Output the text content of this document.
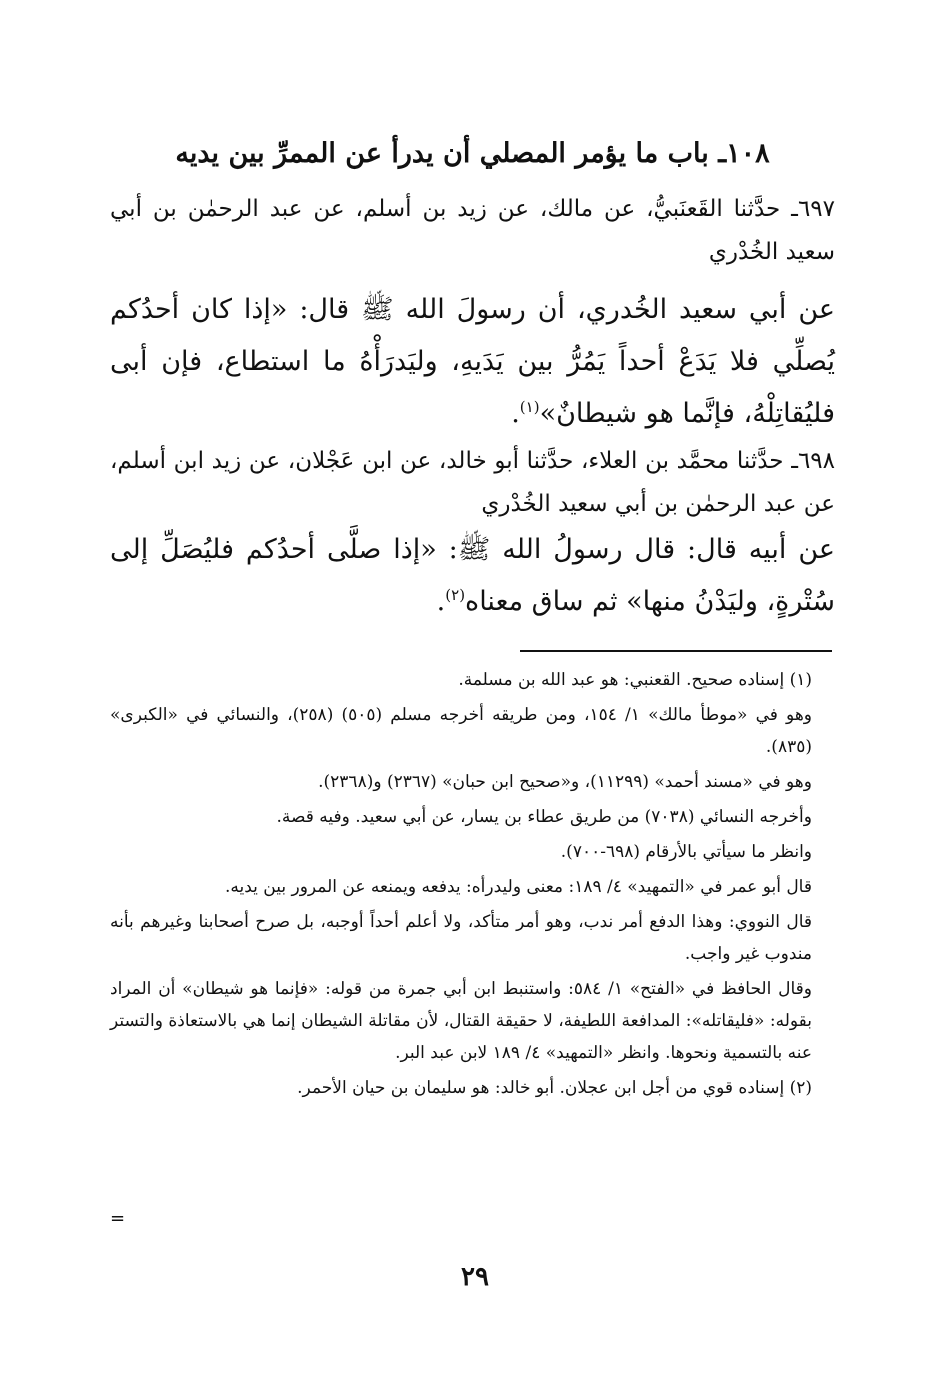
١٠٨ـ باب ما يؤمر المصلي أن يدرأ عن الممرِّ بين يديه
٦٩٧ـ حدَّثنا القَعنَبيُّ، عن مالك، عن زيد بن أسلم، عن عبد الرحمٰن بن أبي سعيد الخُدْري
عن أبي سعيد الخُدري، أن رسولَ الله ﷺ قال: «إذا كان أحدُكم يُصلِّي فلا يَدَعْ أحداً يَمُرُّ بين يَدَيهِ، وليَدرَأْهُ ما استطاع، فإن أبى فليُقاتِلْهُ، فإنَّما هو شيطانٌ»$^{(١)}$.
٦٩٨ـ حدَّثنا محمَّد بن العلاء، حدَّثنا أبو خالد، عن ابن عَجْلان، عن زيد ابن أسلم، عن عبد الرحمٰن بن أبي سعيد الخُدْري
عن أبيه قال: قال رسولُ الله ﷺ: «إذا صلَّى أحدُكم فليُصَلِّ إلى سُتْرةٍ، وليَدْنُ منها» ثم ساق معناه$^{(٢)}$.

(١) إسناده صحيح. القعنبي: هو عبد الله بن مسلمة.

وهو في «موطأ مالك» ١/ ١٥٤، ومن طريقه أخرجه مسلم (٥٠٥) (٢٥٨)، والنسائي في «الكبرى» (٨٣٥).

وهو في «مسند أحمد» (١١٢٩٩)، و«صحيح ابن حبان» (٢٣٦٧) و(٢٣٦٨).

وأخرجه النسائي (٧٠٣٨) من طريق عطاء بن يسار، عن أبي سعيد. وفيه قصة.

وانظر ما سيأتي بالأرقام (٦٩٨-٧٠٠).

قال أبو عمر في «التمهيد» ٤/ ١٨٩: معنى وليدرأه: يدفعه ويمنعه عن المرور بين يديه.

قال النووي: وهذا الدفع أمر ندب، وهو أمر متأكد، ولا أعلم أحداً أوجبه، بل صرح أصحابنا وغيرهم بأنه مندوب غير واجب.

وقال الحافظ في «الفتح» ١/ ٥٨٤: واستنبط ابن أبي جمرة من قوله: «فإنما هو شيطان» أن المراد بقوله: «فليقاتله»: المدافعة اللطيفة، لا حقيقة القتال، لأن مقاتلة الشيطان إنما هي بالاستعاذة والتستر عنه بالتسمية ونحوها. وانظر «التمهيد» ٤/ ١٨٩ لابن عبد البر.

(٢) إسناده قوي من أجل ابن عجلان. أبو خالد: هو سليمان بن حيان الأحمر.

=
٢٩
